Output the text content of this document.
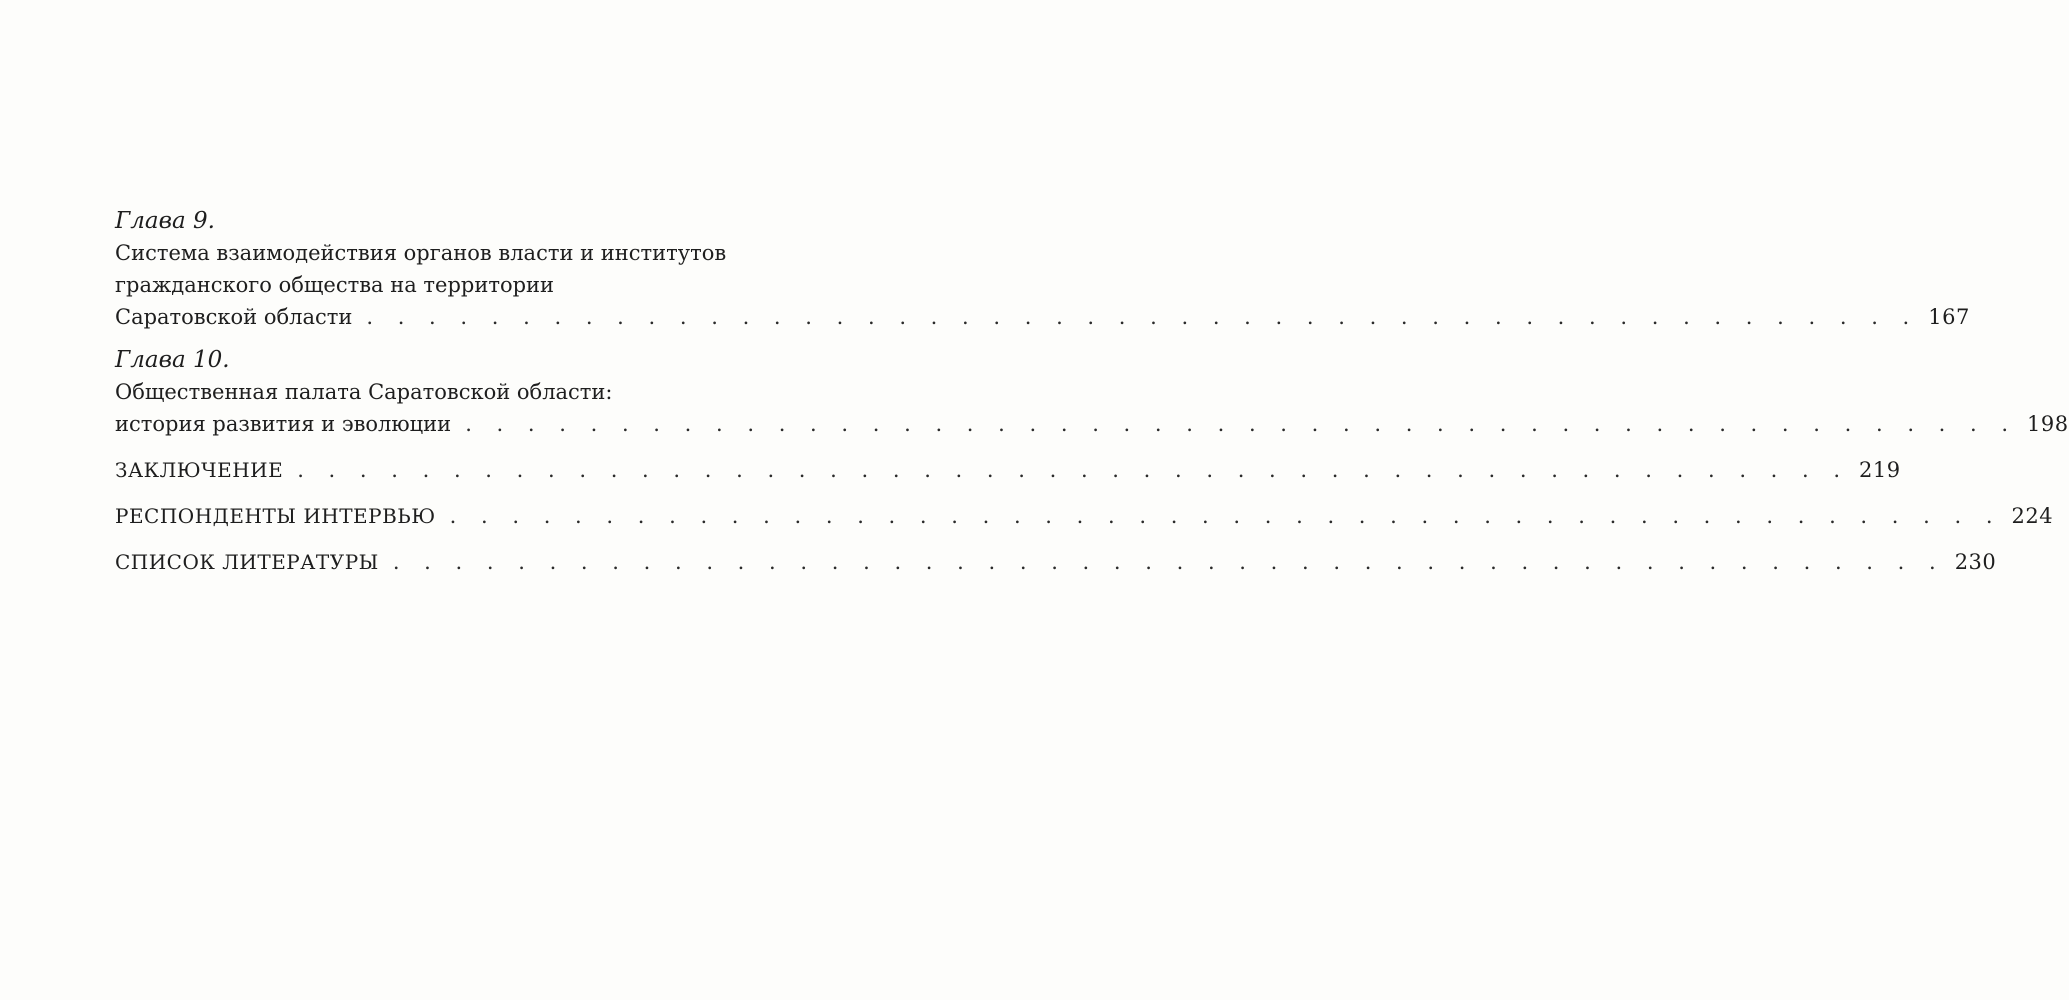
Глава 9.
Система взаимодействия органов власти и институтов
гражданского общества на территории
Саратовской области . . . . . . . . . . . . . . . . . . . . . . . . . . . . . . . . . . . . . . . . . . . . . . . . . . 167
Глава 10.
Общественная палата Саратовской области:
история развития и эволюции . . . . . . . . . . . . . . . . . . . . . . . . . . . . . . . . . . . . . . . . . . . . . . . . . . 198
ЗАКЛЮЧЕНИЕ . . . . . . . . . . . . . . . . . . . . . . . . . . . . . . . . . . . . . . . . . . . . . . . . . . 219
РЕСПОНДЕНТЫ ИНТЕРВЬЮ . . . . . . . . . . . . . . . . . . . . . . . . . . . . . . . . . . . . . . . . . . . . . . . . . . 224
СПИСОК ЛИТЕРАТУРЫ . . . . . . . . . . . . . . . . . . . . . . . . . . . . . . . . . . . . . . . . . . . . . . . . . . 230
